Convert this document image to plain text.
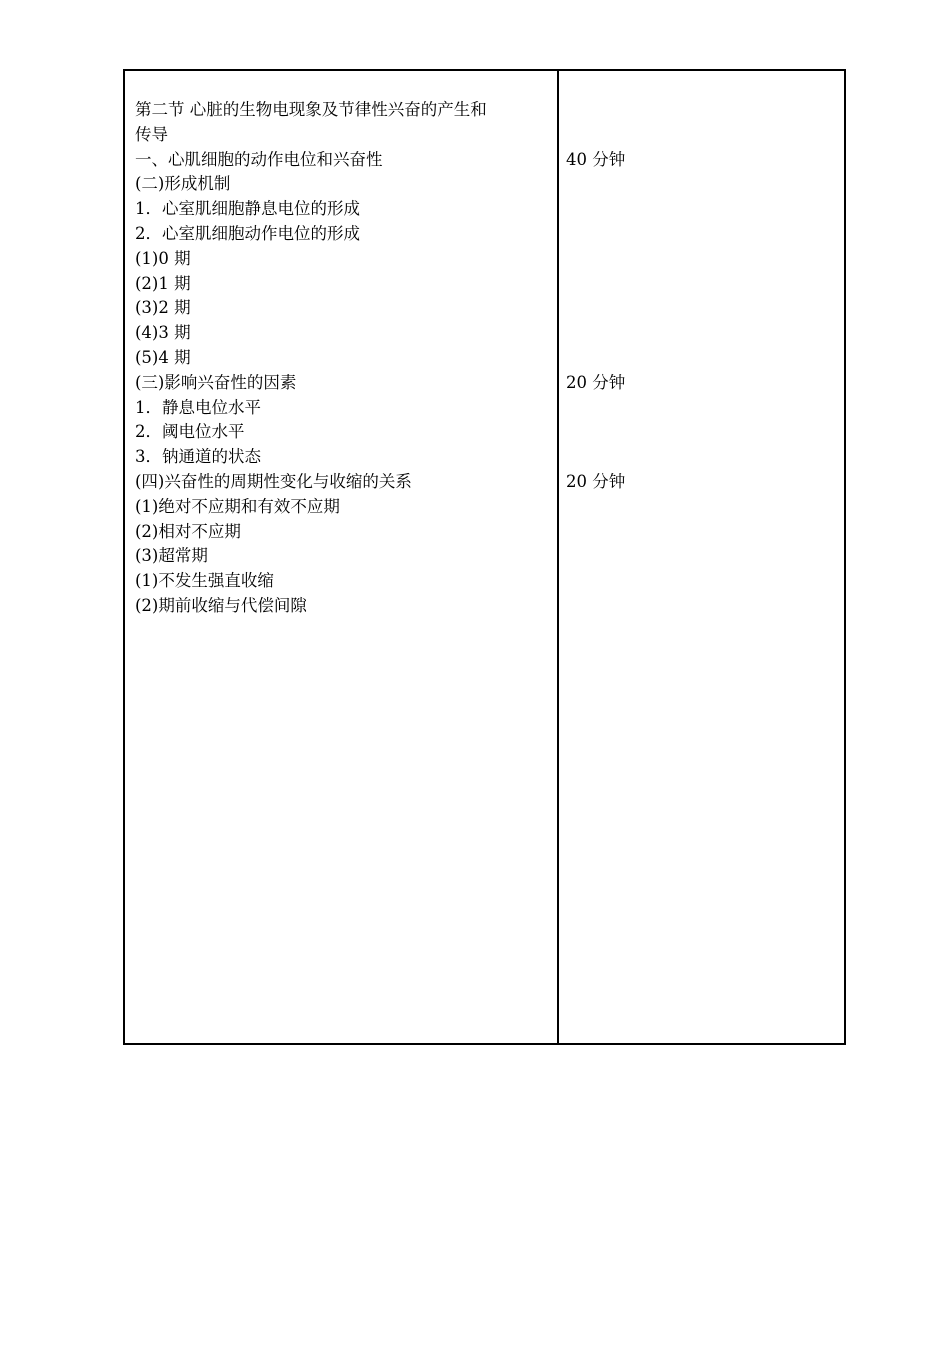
第二节 心脏的生物电现象及节律性兴奋的产生和
传导
一、心肌细胞的动作电位和兴奋性
(二)形成机制
1．心室肌细胞静息电位的形成
2．心室肌细胞动作电位的形成
(1)0 期
(2)1 期
(3)2 期
(4)3 期
(5)4 期
(三)影响兴奋性的因素
1．静息电位水平
2．阈电位水平
3．钠通道的状态
(四)兴奋性的周期性变化与收缩的关系
(1)绝对不应期和有效不应期
(2)相对不应期
(3)超常期
(1)不发生强直收缩
(2)期前收缩与代偿间隙
40 分钟
20 分钟
20 分钟
